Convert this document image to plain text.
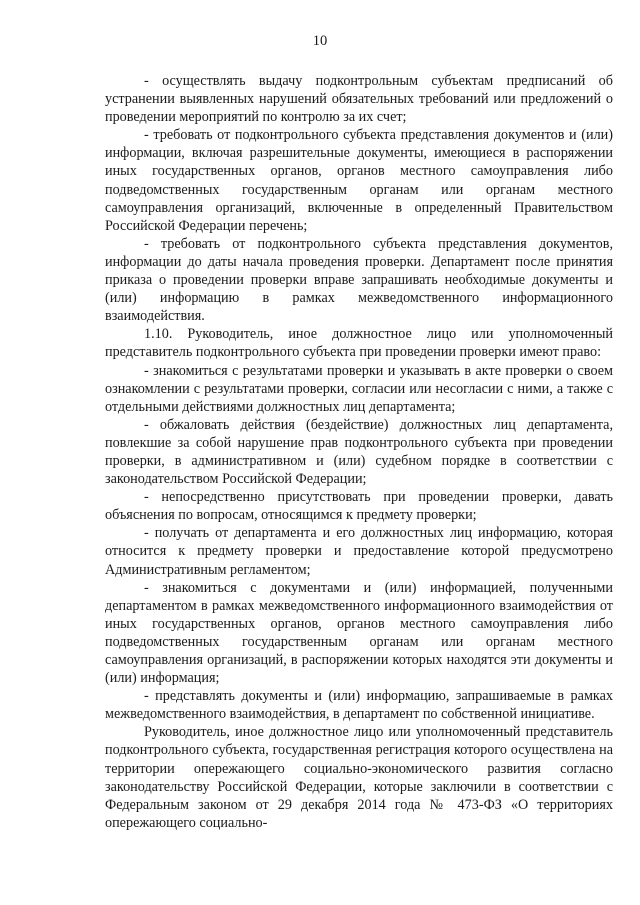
10

- осуществлять выдачу подконтрольным субъектам предписаний об устранении выявленных нарушений обязательных требований или предложений о проведении мероприятий по контролю за их счет;

- требовать от подконтрольного субъекта представления документов и (или) информации, включая разрешительные документы, имеющиеся в распоряжении иных государственных органов, органов местного самоуправления либо подведомственных государственным органам или органам местного самоуправления организаций, включенные в определенный Правительством Российской Федерации перечень;

- требовать от подконтрольного субъекта представления документов, информации до даты начала проведения проверки. Департамент после принятия приказа о проведении проверки вправе запрашивать необходимые документы и (или) информацию в рамках межведомственного информационного взаимодействия.

1.10. Руководитель, иное должностное лицо или уполномоченный представитель подконтрольного субъекта при проведении проверки имеют право:

- знакомиться с результатами проверки и указывать в акте проверки о своем ознакомлении с результатами проверки, согласии или несогласии с ними, а также с отдельными действиями должностных лиц департамента;

- обжаловать действия (бездействие) должностных лиц департамента, повлекшие за собой нарушение прав подконтрольного субъекта при проведении проверки, в административном и (или) судебном порядке в соответствии с законодательством Российской Федерации;

- непосредственно присутствовать при проведении проверки, давать объяснения по вопросам, относящимся к предмету проверки;

- получать от департамента и его должностных лиц информацию, которая относится к предмету проверки и предоставление которой предусмотрено Административным регламентом;

- знакомиться с документами и (или) информацией, полученными департаментом в рамках межведомственного информационного взаимодействия от иных государственных органов, органов местного самоуправления либо подведомственных государственным органам или органам местного самоуправления организаций, в распоряжении которых находятся эти документы и (или) информация;

- представлять документы и (или) информацию, запрашиваемые в рамках межведомственного взаимодействия, в департамент по собственной инициативе.

Руководитель, иное должностное лицо или уполномоченный представитель подконтрольного субъекта, государственная регистрация которого осуществлена на территории опережающего социально-экономического развития согласно законодательству Российской Федерации, которые заключили в соответствии с Федеральным законом от 29 декабря 2014 года № 473-ФЗ «О территориях опережающего социально-
